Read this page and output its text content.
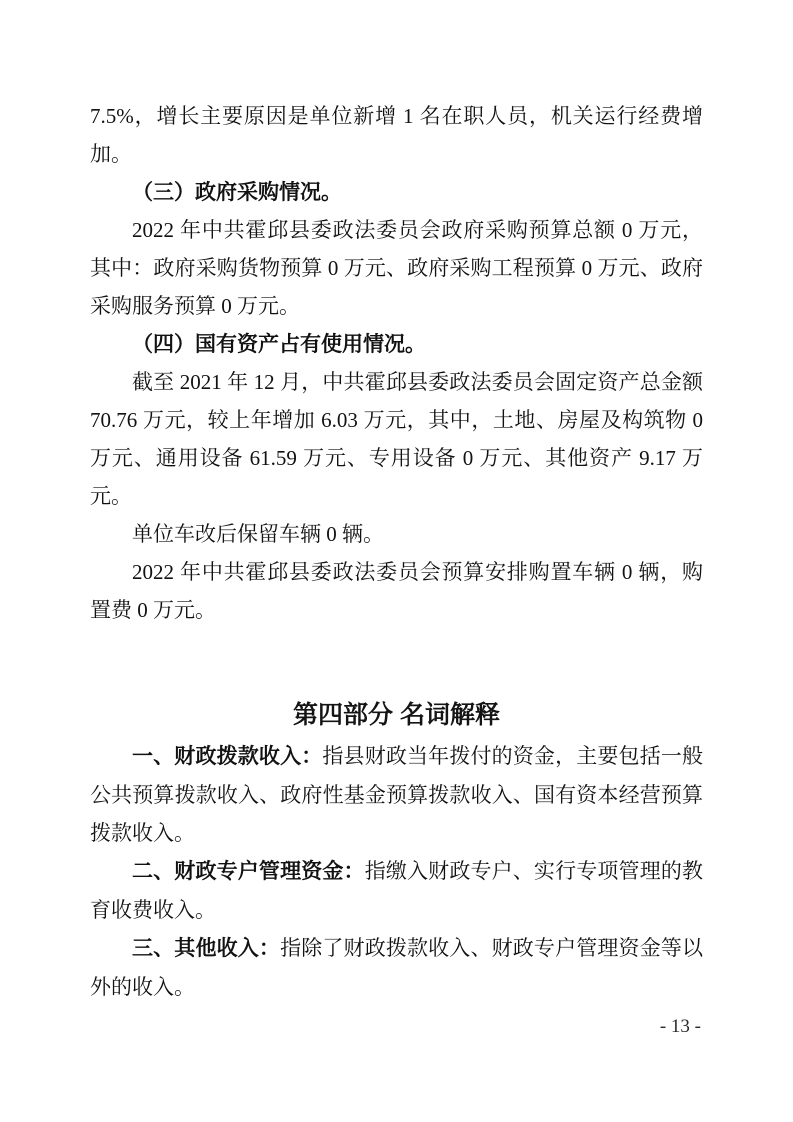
7.5%，增长主要原因是单位新增 1 名在职人员，机关运行经费增加。

（三）政府采购情况。

2022 年中共霍邱县委政法委员会政府采购预算总额 0 万元，其中：政府采购货物预算 0 万元、政府采购工程预算 0 万元、政府采购服务预算 0 万元。

（四）国有资产占有使用情况。

截至 2021 年 12 月，中共霍邱县委政法委员会固定资产总金额 70.76 万元，较上年增加 6.03 万元，其中，土地、房屋及构筑物 0 万元、通用设备 61.59 万元、专用设备 0 万元、其他资产 9.17 万元。

单位车改后保留车辆 0 辆。

2022 年中共霍邱县委政法委员会预算安排购置车辆 0 辆，购置费 0 万元。

第四部分 名词解释

一、财政拨款收入：指县财政当年拨付的资金，主要包括一般公共预算拨款收入、政府性基金预算拨款收入、国有资本经营预算拨款收入。

二、财政专户管理资金：指缴入财政专户、实行专项管理的教育收费收入。

三、其他收入：指除了财政拨款收入、财政专户管理资金等以外的收入。

- 13 -
